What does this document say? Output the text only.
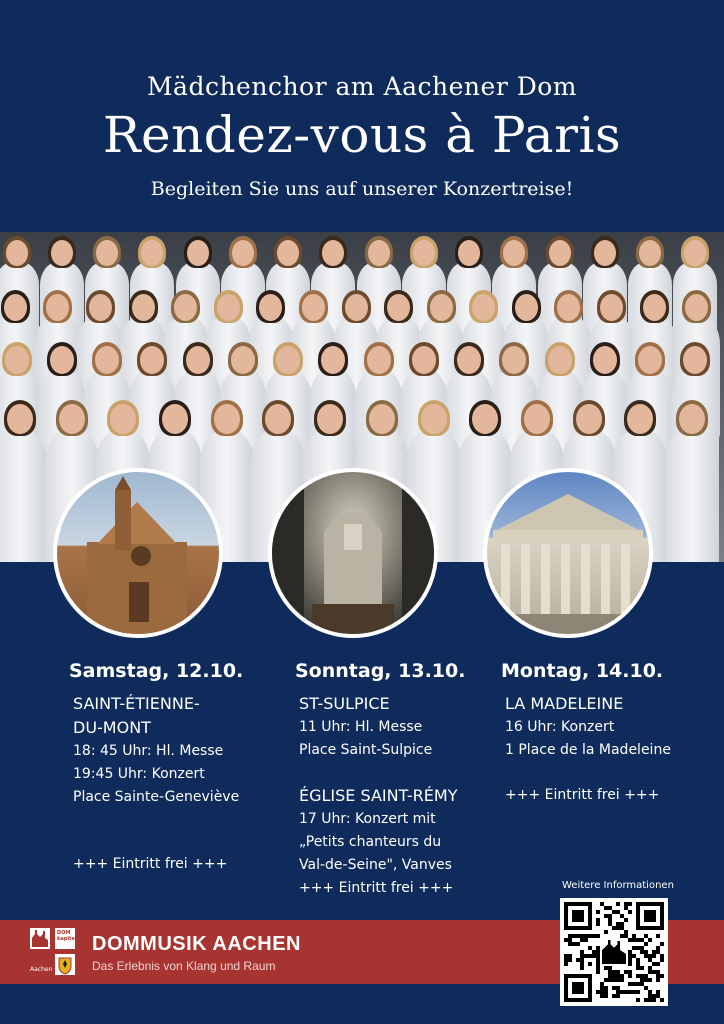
Mädchenchor am Aachener Dom
Rendez-vous à Paris
Begleiten Sie uns auf unserer Konzertreise!
Samstag, 12.10.
SAINT-ÉTIENNE-
DU-MONT
18: 45 Uhr: Hl. Messe
19:45 Uhr: Konzert
Place Sainte-Geneviève
+++ Eintritt frei +++
Sonntag, 13.10.
ST-SULPICE
11 Uhr: Hl. Messe
Place Saint-Sulpice
ÉGLISE SAINT-RÉMY
17 Uhr: Konzert mit
„Petits chanteurs du
Val-de-Seine", Vanves
+++ Eintritt frei +++
Montag, 14.10.
LA MADELEINE
16 Uhr: Konzert
1 Place de la Madeleine
+++ Eintritt frei +++
Weitere Informationen
DOM kapitel
Aachen
DOMMUSIK AACHEN
Das Erlebnis von Klang und Raum
